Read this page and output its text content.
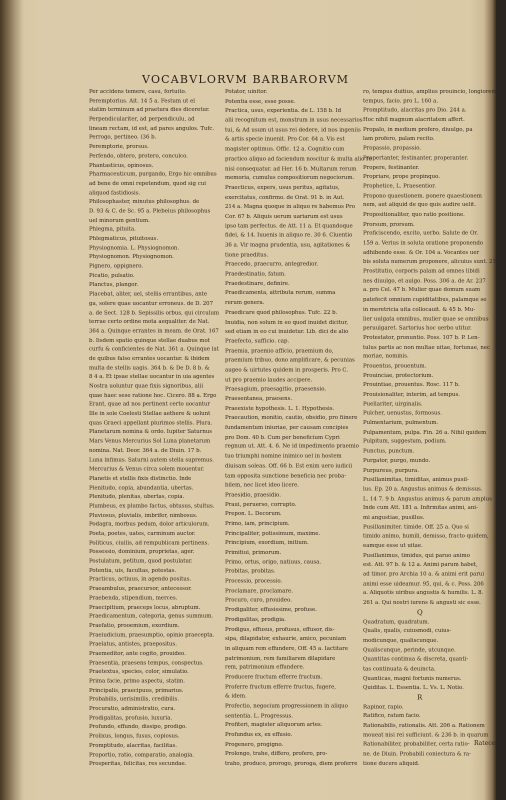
VOCABVLORVM BARBARORVM
Per accidens temere, casu, fortuito.
Peremptorius. Ait. 14 5 a. Festum ut el
statim terminum ad praetura dies diceretur.
Perpendiculariter, ad perpendiculu, ad
lineam rectam, id est, ad pares angulos. Tufc.
Perrogo, pertineo. (36 b.
Peremptorie, prorsus.
Perfendo, obtero, protero, conculco.
Phantasticus, opinosus.
Pharmaceuticum, purgando, Ergo hic omnibus
ad bene de omni repetendum, quod sig cui
aliquod fastidiosis.
Philosophaster, minutus philosophus. de
D. 93 & C. de Sc. 95 a. Plebeius philosophus
uel minorum gentium.
Phlegma, pituita.
Phlegmaticus, pituitosus.
Physiognomia. L. Physiognomon.
Physiognomon. Physiognomon.
Pignero, oppignero.
Picatio, pulsatio.
Planctus, plangor.
Placebat, aliter, uel, stellis errantibus, ante
ga, solere quae uocantur erroneus. de D. 207
a. de Sect. 128 b. Sepissilis orbus, qui circulum
terrae certo ordine mota aequaliter. de Nat.
364 a. Quinque errantes in meam. de Orat. 167
b. Iisdem spatio quinque stellae duabus mot
curfu & conficientes de Nat. 361 a. Quinque lat
de quibus falso errantes uocantur. & ibidem
multa de stellis uagis. 364 b. & De D. 8 b. &
8 4 a. Et ipsae stellae uocantur in uia agentes
Nostra uoluntur quae fixis signoribus, alii
quae haec sese ratione hoc. Cicero. 88 a. Ergo
Erant, quae ad nos pertinent certo uocantur
Ille in sole Coelesti Stellae aethere & uolunt
quas Graeci appellant plurimos stellis. Plura.
Planetarum nomina & ordo. Iupiter Saturnus
Mars Venus Mercurius Sol Luna planetarum
nomina. Nat. Deor. 364 a. de Diuin. 17 b.
Luna infimus. Saturni autem stella supremus.
Mercurius & Venus circa solem mouentur.
Planetis et stellis fixis distinctio. Inde
Plenitudo, copia, abundantia, ubertas.
Plenitudo, plenitas, ubertas, copia.
Plumbeus, ex plumbo factus, obtusus, stultus.
Pluviosus, pluvialis, imbrifer, nimbosus.
Podagra, morbus pedum, dolor articulorum.
Poeta, poetes, uates, carminum auctor.
Politicus, ciuilis, ad rempublicam pertinens.
Possessio, dominium, proprietas, ager.
Postulatum, petitum, quod postulatur.
Potentia, uis, facultas, potestas.
Practicus, actiuus, in agendo positus.
Praeambulus, praecursor, antecessor.
Praebenda, stipendium, merces.
Praecipitium, praeceps locus, abruptum.
Praedicamentum, categoria, genus summum.
Praefatio, prooemium, exordium.
Praeiudicium, praesumptio, opinio praecepta.
Praelatus, antistes, praepositus.
Praemeditor, ante cogito, prouideo.
Praesentia, praesens tempus, conspectus.
Praetextus, species, color, simulatio.
Prima facie, primo aspectu, statim.
Principalis, praecipuus, primarius.
Probabilis, uerisimilis, credibilis.
Procuratio, administratio, cura.
Prodigalitas, profusio, luxuria.
Profundo, effundo, dissipo, prodigo.
Prolixus, longus, fusus, copiosus.
Promptitudo, alacritas, facilitas.
Proportio, ratio, comparatio, analogia.
Prosperitas, felicitas, res secundae.
Potator, uinitor.
Potentia esse, esse posse.
Practica, usus, experientia. de L. 158 b. Id
alii recognitum est, monstrum in usus necessarios
tui, & Ad usum ut usus rei dedere, id nos ingeniis
& artis specie inuenit. Pro Cor. 64 a. Vis est
magister optimus. Offic. 12 a. Cognitio cum
practico aliquo ad faciendum noscitur & multa alio re
nisi consequatur. ad Her. 16 b. Multarum rerum
memoria, cumulus compositiorum negociorum.
Praecticus, expers, usus peritus, agitatus,
exercitatus, confirmo. de Orat. 91 b. in Aut.
214 a. Magna quoque in aliquo re habemus Pro
Cor. 67 b. Aliquis uerum uariarum est usus
ipso tam perfectus. de Att. 11 a. Et quandoque
fidei, & 14. Iuuenis in aliquo re. 30 6. Cluentio
36 a. Vir magna prudentia, usu, agitationes &
tione praeditus.
Praecedo, praecurro, antegredior.
Praedestinatio, fatum.
Praedestinare, definire.
Praedicamenta, attributa rerum, summa
rerum genera.
Praedicare quod philosophus. Tufc. 22 b.
Inuidia, non solum in eo quod inuidet dicitur,
sed etiam in eo cui inuidetur. Lib. dici de alio
Praefecto, sufficio. cap.
Praemia, praemio afficio, praemium do,
praemium tribuo, dono amplificare, & pecunias
augeo & uirtutes quidem in prosperis. Pro C.
ut pro praemio laudes accipere.
Praesagium, praesagitio, praesensio.
Praesentanea, praesens.
Praeexiste hypothesis. L. 1. Hypothesis.
Praecaution, monitio, cautio, obsidio, pro fiinere
fundamentum iniuriae, per causam concipies
pro Dom. 40 b. Cum per beneficium Cypri
regnum ut. Att. 4. 6. Ne id impedimento praemio
tuo triumphi nomine inimico uel in hostem
diuisam soleas. Off. 66 b. Est enim uero iudicii
tam opposita sunctione beneficia nec proba-
bilem, nec licet ideo licere.
Praesidio, praesidio.
Praui, peruerso, corrupto.
Prepon. L. Decorum.
Primo, iam, principium.
Principaliter, potissimum, maxime.
Principium, exordium, initium.
Primitiui, primorum.
Primo, ortus, origo, natiuus, causa.
Probitas, probitas.
Processio, processio.
Proclamare, proclamare.
Procuro, curo, prouideo.
Prodigaliter, effusissime, profuse.
Prodigalitas, prodigia.
Prodigus, effusus, profusus, effusor, dis-
sipa, dilapidator, exhaurie, amico, pecuniam
in aliquam rem effundere, Off. 45 a. Iactitare
patrimonium, rem familiarem dilapidare
rem, patrimonium effundere.
Producere fructum efferre fructum.
Proferre fructum efferre fructus, fugere,
& idem.
Profectio, negocium progressionem in aliquo
sententia. L. Progressus.
Profiteri, magister aliquorum artes.
Profundus ex, ex effusio.
Progenero, progigno.
Prolongo, trahe, differo, profero, pro-
traho, produco, prorogo, proroga, diem proferre
ro, tempus duitius, amplius prouincio, longiorem
tempus, facio. pro L. 160 a.
Promptitudo, alacritas pro Dio. 244 a.
Hoc nihil magnum alacritatem affert.
Propalo, in medium profero, diuulgo, pa
lam profero, palam recito.
Propassio, propassio.
Propertanter, festinanter, properanter.
Propere, festinanter.
Propriare, prope propinquo.
Prophetice, L. Praesentior.
Propono quaestionem. ponere quaestionem
nem, aut aliquid de quo quis audire uelit.
Propositionaliter, quo ratio positione.
Prorsum, prorsum.
Proficiscendo, excito, uerbo. Salute de Or.
159 a. Verius in soluta oratione proponendo
adhibendo esse. & Or. 104 a. Vocantes uer
bis soluta numerum proponere, alicuius sunt. 212 a.
Prostitutio, corporis palam ad omnes libidi
nes diuulgo, et aulgo. Poss. 306 a. de Ar. 237
a. pro Cel. 47 b. Mulier quae domum suam
patefecit omnium cupiditatibus, palamque se
in meretricia uita collocauit. & 45 b. Mu-
lier uulgata omnibus, mulier quae se omnibus
peruulgaret. Sartorius hoc uerbo utitur.
Protestator, pronuntio. Poss. 107 b. P. Len-
tulus partis ac non multae uitae, fortunae, nec
moriae, nominis.
Prouentus, prouentum.
Prouinciae, protectorium.
Prouintiae, prouentus. Rosc. 117 b.
Prouisionaliter, interim, ad tempus.
Puellariter, uirginalis.
Pulcher, uenustus, formosus.
Pulmentarium, pulmentum.
Pulpamentum, pulpa. Fin. 26 a. Nihil quidem
Pulpitum, suggestum, podium.
Punctus, punctum.
Purgator, purgo, mundo.
Purpureus, purpura.
Pusillanimitas, timiditas, animus pusil-
lus. Ep. 20 a. Angustus animus & demissus.
L. 14 7. 9 b. Angustus animus & parum amplus
Inde cum Att. 181 a. Infirmitas animi, ani-
mi angustiae, pusillus.
Pusillanimiter. timide. Off. 25 a. Quo si
timido animo, humili, demisso, fracto quidem,
eamque esse ut uitae.
Pusillanimus, timidus, qui paruo animo
est. Att. 97 b. & 12 a. Animi parum habet,
ad timor. pro Archia 10 a. & animi erit parui
animi esse uideamur. 95, qui, & c. Poss. 206
a. Aliquotis uiribus angustis & humilis. L. 8.
261 a. Qui nostri iurens & angusti sic esse.
Q
Quadratum, quadratum.
Qualis, qualis, cuiusmodi, cuius-
modicunque, qualiscunque.
Qualiscunque, perinde, utcunque.
Quantitas continua & discreta, quanti-
tas continuata & deuincta.
Quanticas, magni fortunis numerus.
Quiditas. L. Essentia. L. Vs. L. Notio.
R
Rapinor, rapio.
Ratifico, ratum facio.
Rationabilis, rationalis. Att. 206 a. Rationem
moueat nisi rei sufficiunt. & 236 b. in quarum
Rationabiliter, probabiliter, certa ratio-
ne. de Diuin. Probabili coniectura & ra-
tione ducere aliquid.
Ratecese.
